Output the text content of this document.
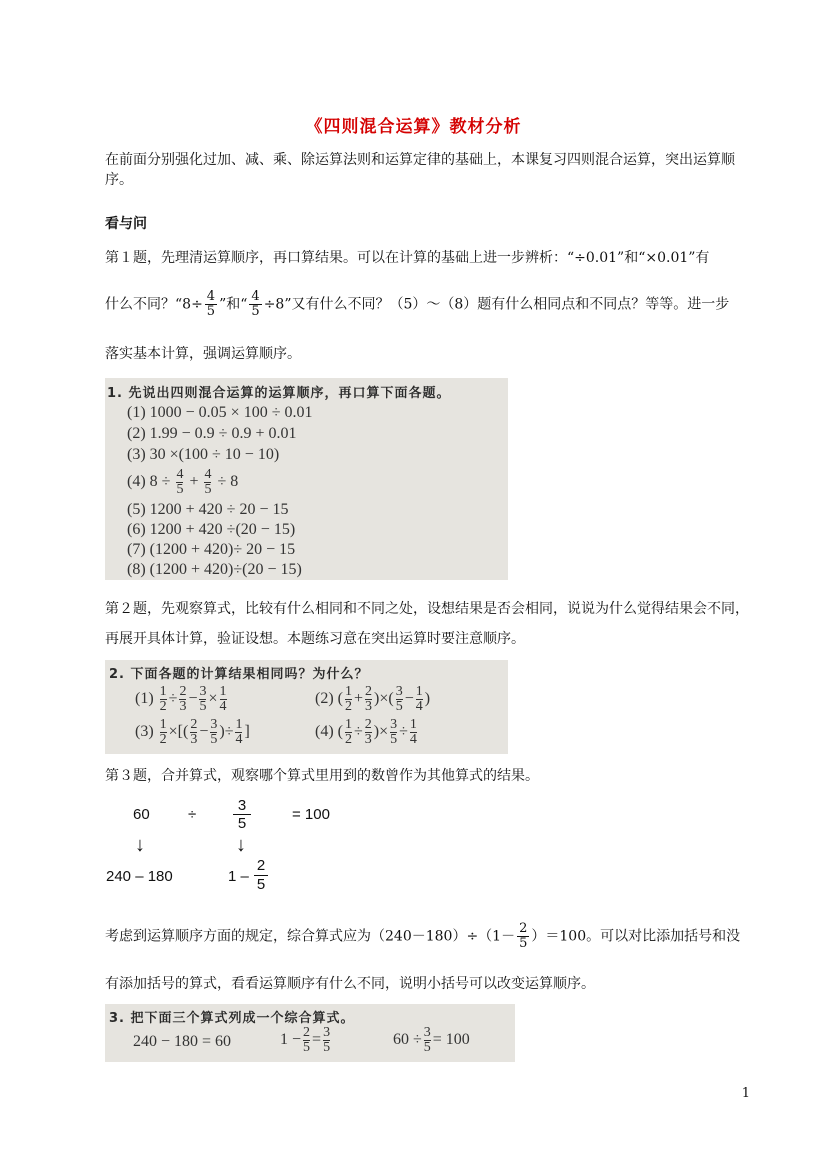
《四则混合运算》教材分析
在前面分别强化过加、减、乘、除运算法则和运算定律的基础上，本课复习四则混合运算，突出运算顺序。
看与问
第１题，先理清运算顺序，再口算结果。可以在计算的基础上进一步辨析：“÷0.01”和“×0.01”有
什么不同？“$8\div \frac{4}{5}$ ”和“ $\frac{4}{5} \div 8$”又有什么不同？（5）～（8）题有什么相同点和不同点？等等。进一步
落实基本计算，强调运算顺序。
1. 先说出四则混合运算的运算顺序，再口算下面各题。
(1) 1000 − 0.05 × 100 ÷ 0.01
(2) 1.99 − 0.9 ÷ 0.9 + 0.01
(3) 30 ×(100 ÷ 10 − 10)
(4) $8 \div \frac{4}{5} + \frac{4}{5} \div 8$
(5) 1200 + 420 ÷ 20 − 15
(6) 1200 + 420 ÷(20 − 15)
(7) (1200 + 420)÷ 20 − 15
(8) (1200 + 420)÷(20 − 15)
第２题，先观察算式，比较有什么相同和不同之处，设想结果是否会相同，说说为什么觉得结果会不同，再展开具体计算，验证设想。本题练习意在突出运算时要注意顺序。
2. 下面各题的计算结果相同吗？为什么？
$(1) \frac{1}{2} \div \frac{2}{3} - \frac{3}{5} \times \frac{1}{4}$	(2) ( $\frac{1}{2} + \frac{2}{3}$ )×( $\frac{3}{5} - \frac{1}{4}$ )
$(3) \frac{1}{2}$ ×[( $\frac{2}{3} - \frac{3}{5}$ )÷ $\frac{1}{4}$ ]	(4) ( $\frac{1}{2} \div \frac{2}{3}$ )× $\frac{3}{5} \div \frac{1}{4}$
第３题，合并算式，观察哪个算式里用到的数曾作为其他算式的结果。
60	÷ $\frac{3}{5}$	= 100
↓	↓
240 – 180	$1 - \frac{2}{5}$
考虑到运算顺序方面的规定，综合算式应为$(240-180)\div(1- \frac{2}{5} )=100$。可以对比添加括号和没
有添加括号的算式，看看运算顺序有什么不同，说明小括号可以改变运算顺序。
3. 把下面三个算式列成一个综合算式。
240 − 180 = 60	$1 - \frac{2}{5} = \frac{3}{5}$	$60 \div \frac{3}{5} = 100$
1
